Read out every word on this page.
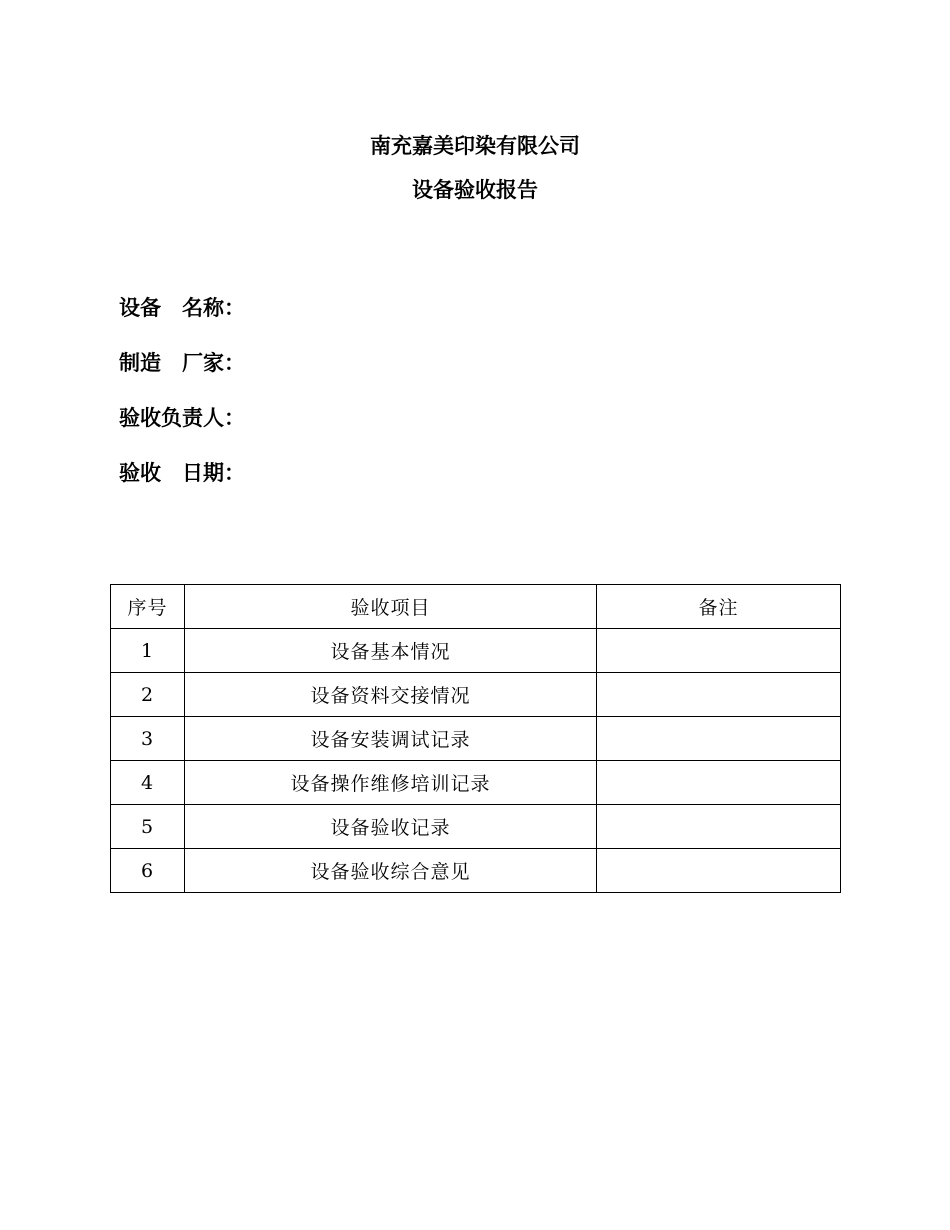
南充嘉美印染有限公司
设备验收报告
设备　名称：
制造　厂家：
验收负责人：
验收　日期：
序号	验收项目	备注
1	设备基本情况	
2	设备资料交接情况	
3	设备安装调试记录	
4	设备操作维修培训记录	
5	设备验收记录	
6	设备验收综合意见	
